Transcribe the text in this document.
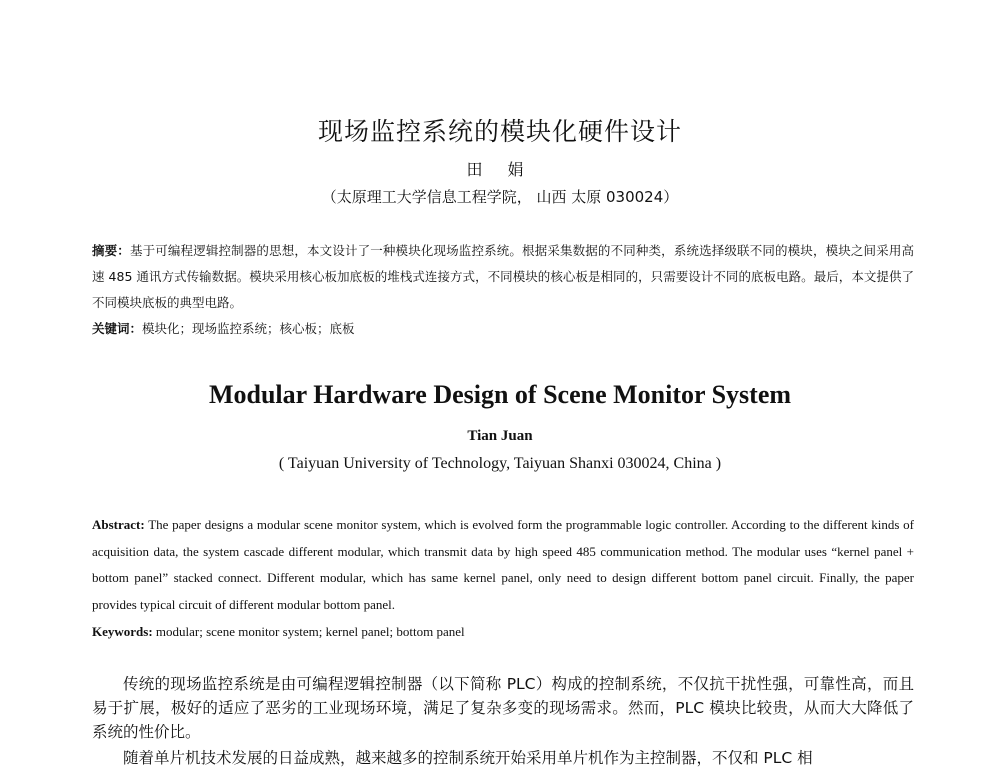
现场监控系统的模块化硬件设计
田 娟
（太原理工大学信息工程学院， 山西 太原 030024）
摘要：基于可编程逻辑控制器的思想，本文设计了一种模块化现场监控系统。根据采集数据的不同种类，系统选择级联不同的模块，模块之间采用高速 485 通讯方式传输数据。模块采用核心板加底板的堆栈式连接方式，不同模块的核心板是相同的，只需要设计不同的底板电路。最后，本文提供了不同模块底板的典型电路。
关键词：模块化；现场监控系统；核心板；底板
Modular Hardware Design of Scene Monitor System
Tian Juan
( Taiyuan University of Technology, Taiyuan Shanxi 030024, China )
Abstract: The paper designs a modular scene monitor system, which is evolved form the programmable logic controller. According to the different kinds of acquisition data, the system cascade different modular, which transmit data by high speed 485 communication method. The modular uses “kernel panel + bottom panel” stacked connect. Different modular, which has same kernel panel, only need to design different bottom panel circuit. Finally, the paper provides typical circuit of different modular bottom panel.
Keywords: modular; scene monitor system; kernel panel; bottom panel
传统的现场监控系统是由可编程逻辑控制器（以下简称 PLC）构成的控制系统，不仅抗干扰性强，可靠性高，而且易于扩展，极好的适应了恶劣的工业现场环境，满足了复杂多变的现场需求。然而，PLC 模块比较贵，从而大大降低了系统的性价比。
随着单片机技术发展的日益成熟，越来越多的控制系统开始采用单片机作为主控制器，不仅和 PLC 相
